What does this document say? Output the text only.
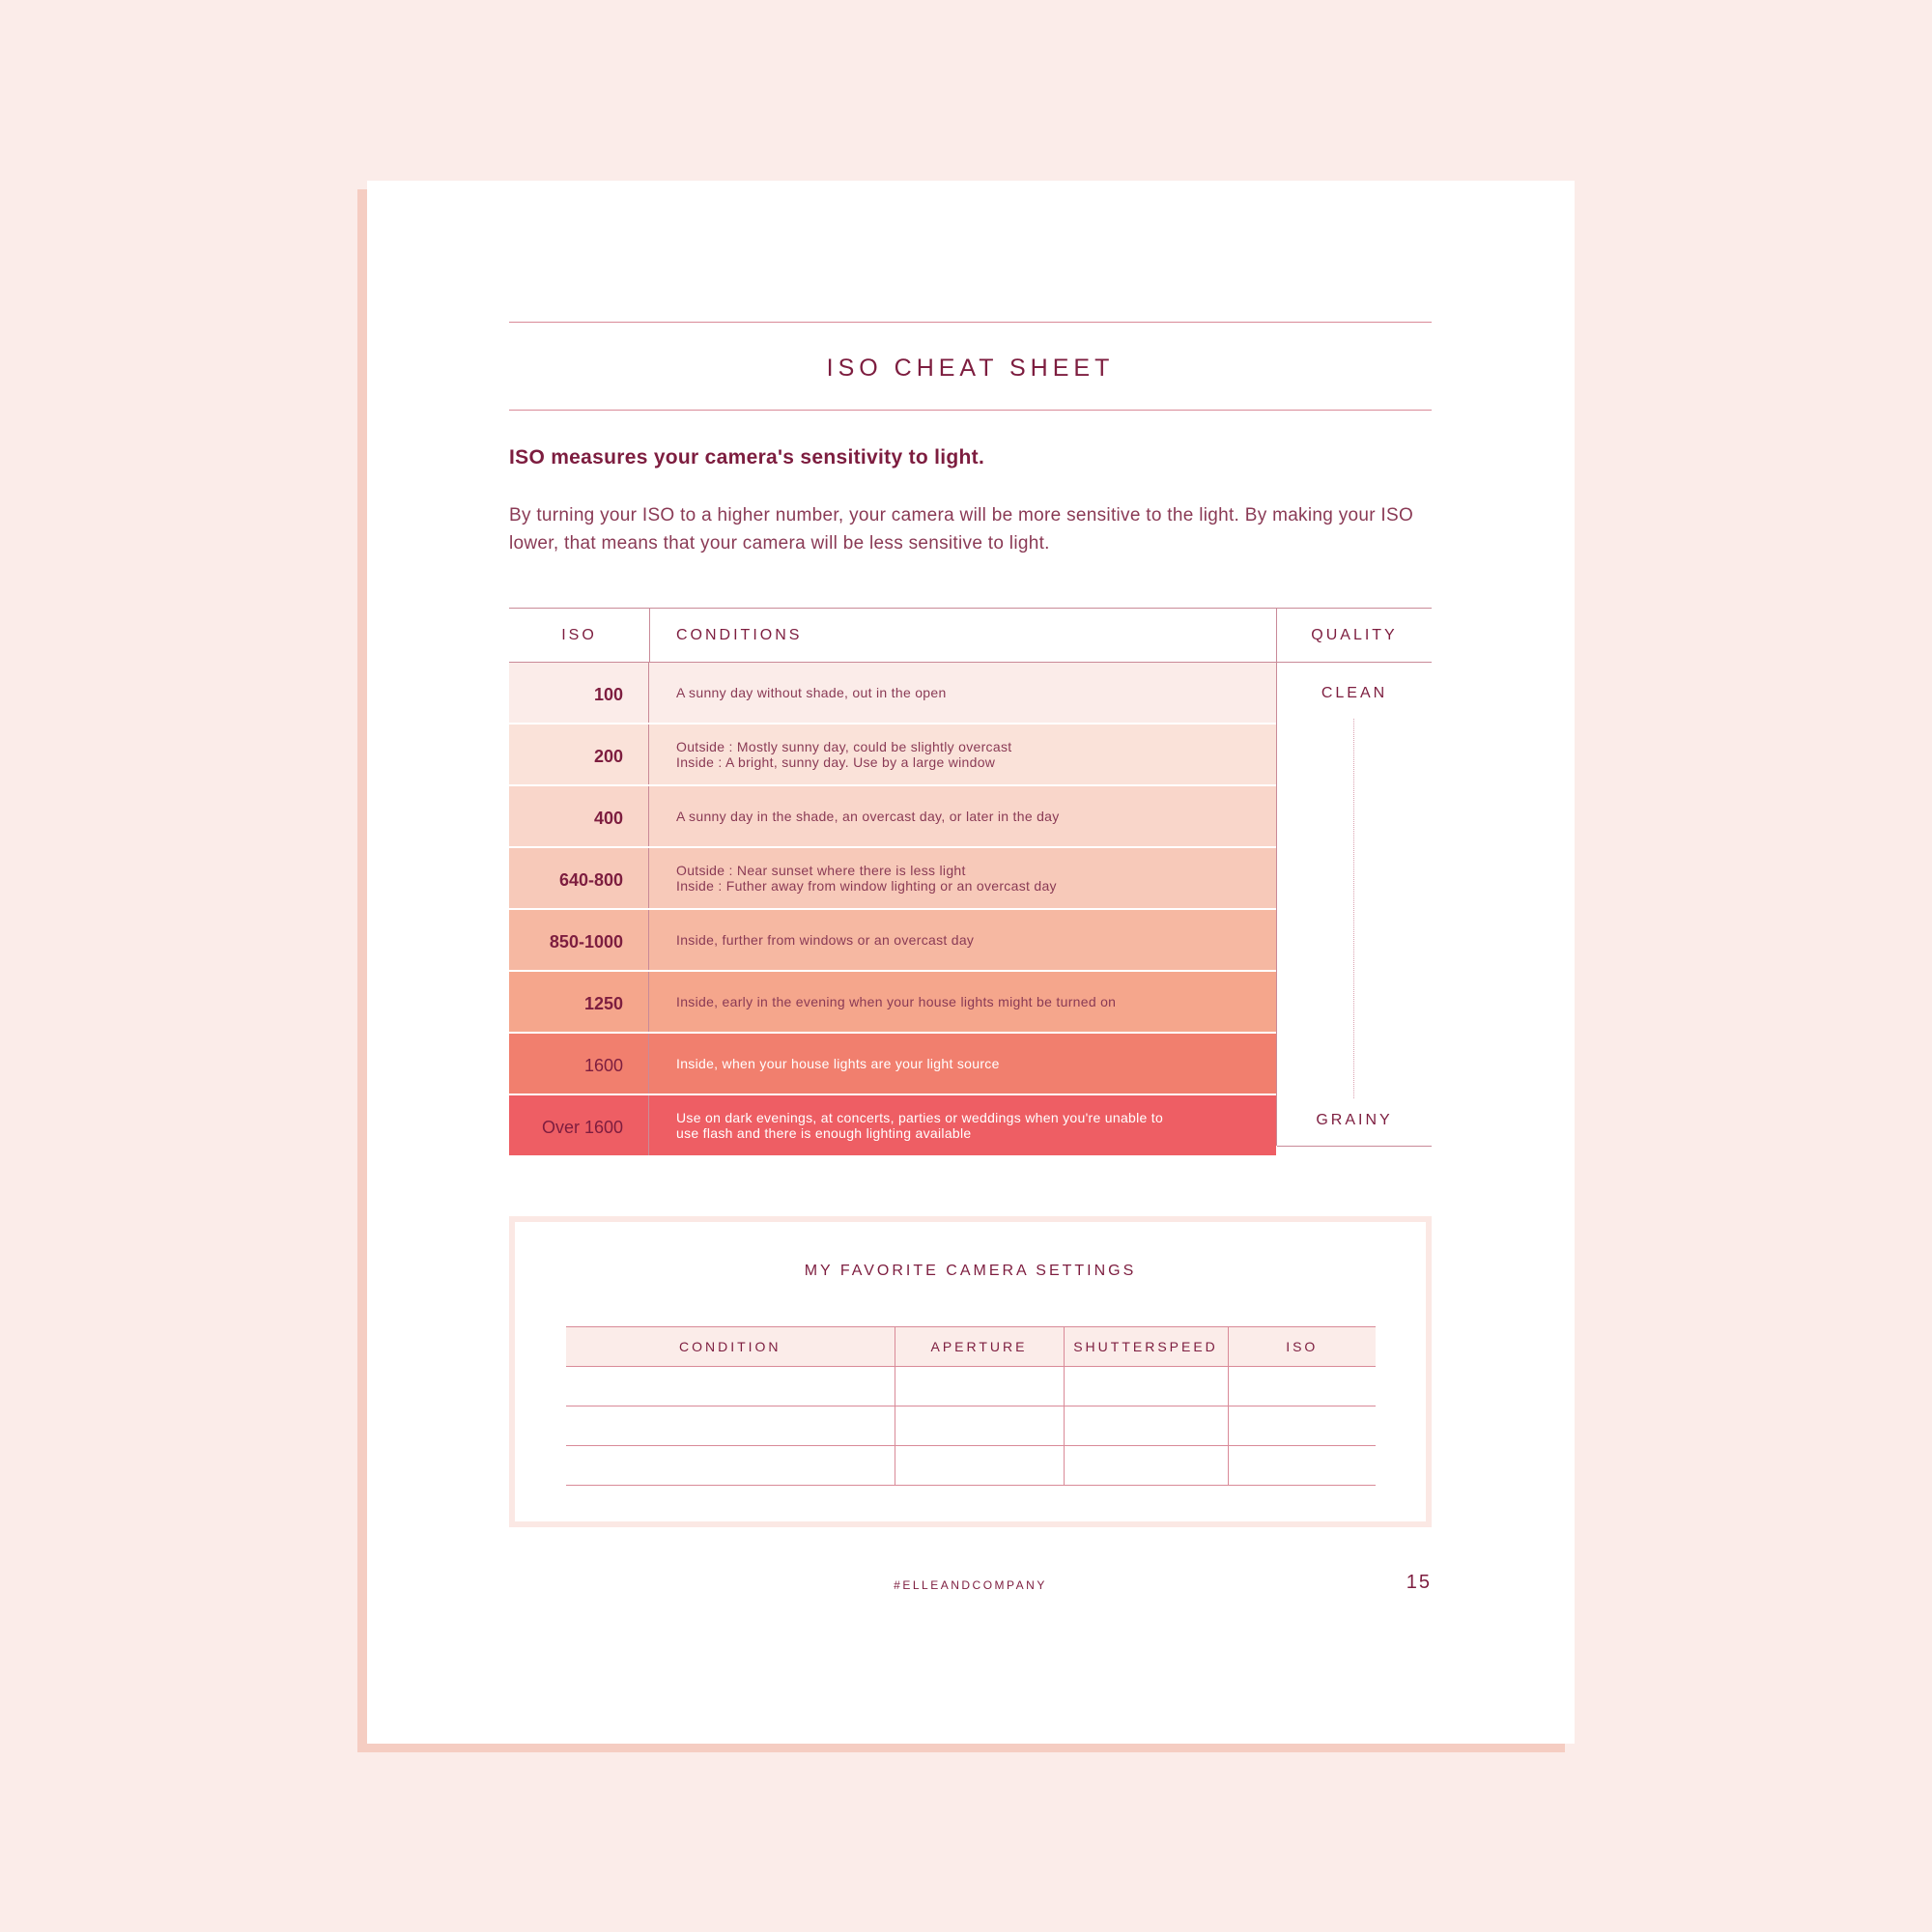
ISO CHEAT SHEET
ISO measures your camera's sensitivity to light.
By turning your ISO to a higher number, your camera will be more sensitive to the light. By making your ISO lower, that means that your camera will be less sensitive to light.
ISO	CONDITIONS	QUALITY
100	A sunny day without shade, out in the open
200	Outside : Mostly sunny day, could be slightly overcast
Inside : A bright, sunny day. Use by a large window
400	A sunny day in the shade, an overcast day, or later in the day
640-800	Outside : Near sunset where there is less light
Inside : Futher away from window lighting or an overcast day
850-1000	Inside, further from windows or an overcast day
1250	Inside, early in the evening when your house lights might be turned on
1600	Inside, when your house lights are your light source
Over 1600	Use on dark evenings, at concerts, parties or weddings when you're unable to
use flash and there is enough lighting available
CLEAN
GRAINY
MY FAVORITE CAMERA SETTINGS
CONDITION	APERTURE	SHUTTERSPEED	ISO

#ELLEANDCOMPANY	15
